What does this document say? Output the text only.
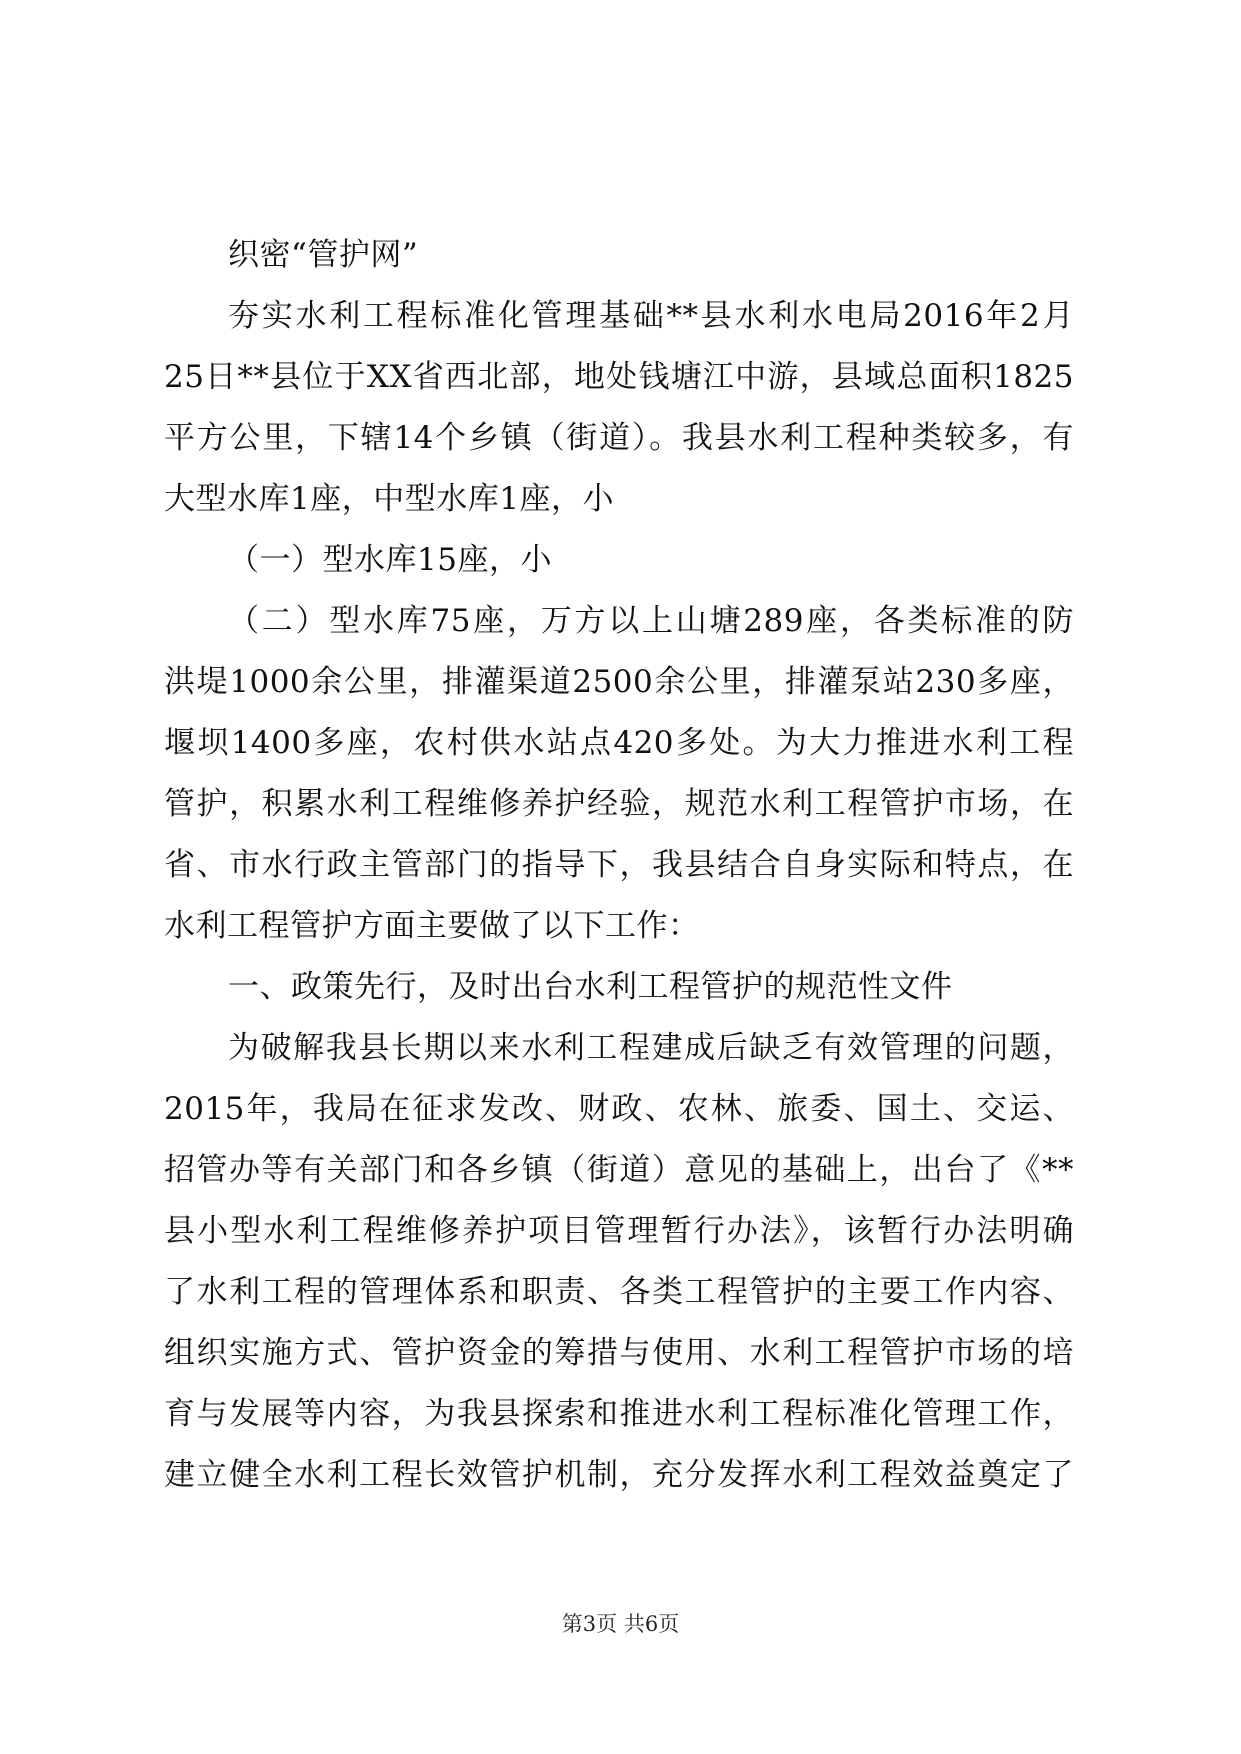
织密“管护网”
夯实水利工程标准化管理基础**县水利水电局2016年2月
25日**县位于XX省西北部，地处钱塘江中游，县域总面积1825
平方公里，下辖14个乡镇（街道）。我县水利工程种类较多，有
大型水库1座，中型水库1座，小
（一）型水库15座，小
（二）型水库75座，万方以上山塘289座，各类标准的防
洪堤1000余公里，排灌渠道2500余公里，排灌泵站230多座，
堰坝1400多座，农村供水站点420多处。为大力推进水利工程
管护，积累水利工程维修养护经验，规范水利工程管护市场，在
省、市水行政主管部门的指导下，我县结合自身实际和特点，在
水利工程管护方面主要做了以下工作：
一、政策先行，及时出台水利工程管护的规范性文件
为破解我县长期以来水利工程建成后缺乏有效管理的问题，
2015年，我局在征求发改、财政、农林、旅委、国土、交运、
招管办等有关部门和各乡镇（街道）意见的基础上，出台了《**
县小型水利工程维修养护项目管理暂行办法》，该暂行办法明确
了水利工程的管理体系和职责、各类工程管护的主要工作内容、
组织实施方式、管护资金的筹措与使用、水利工程管护市场的培
育与发展等内容，为我县探索和推进水利工程标准化管理工作，
建立健全水利工程长效管护机制，充分发挥水利工程效益奠定了
第3页 共6页
